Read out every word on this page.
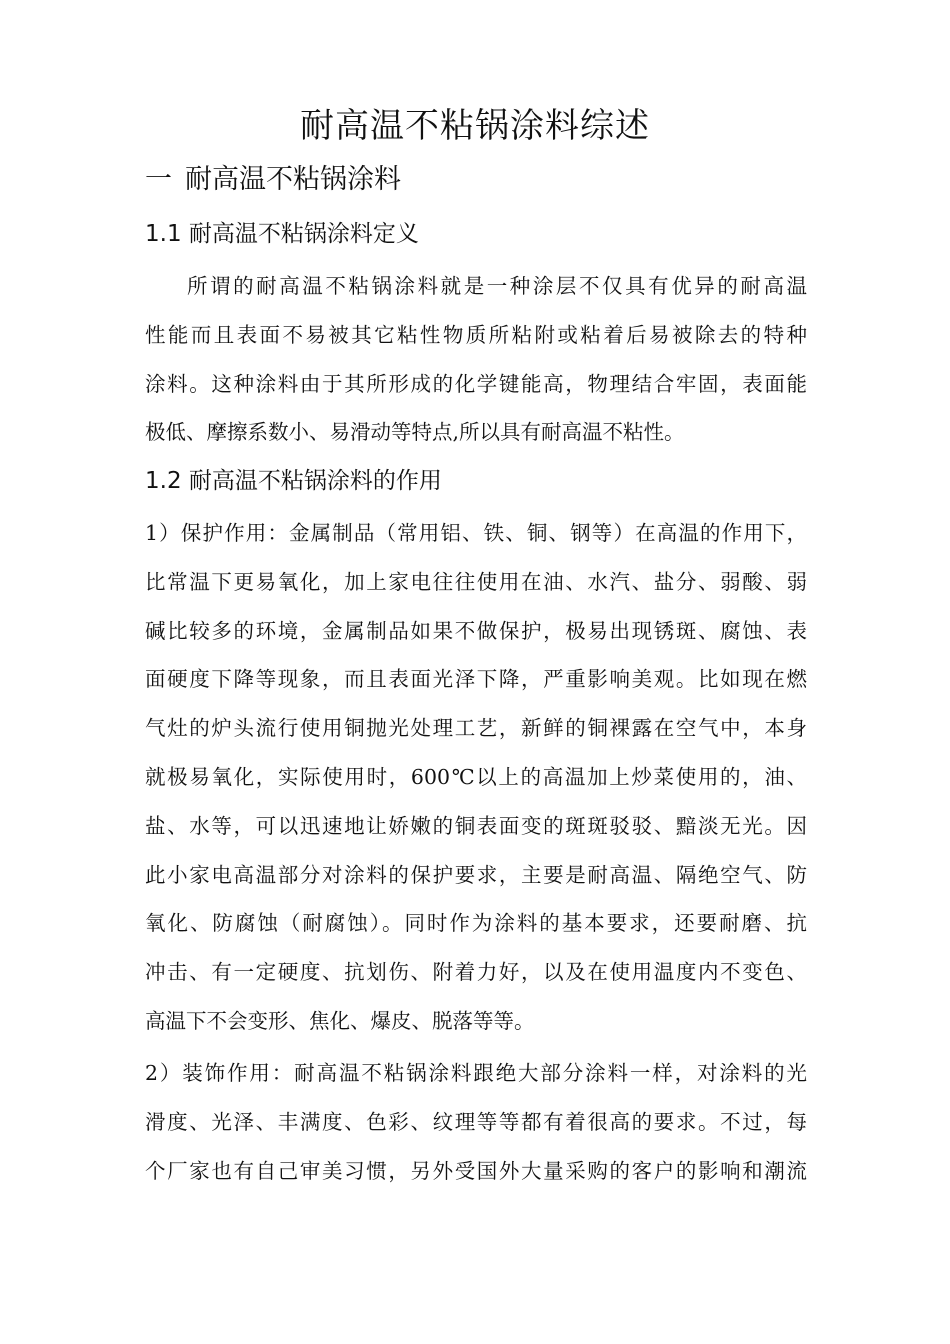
耐高温不粘锅涂料综述
一 耐高温不粘锅涂料
1.1 耐高温不粘锅涂料定义
所谓的耐高温不粘锅涂料就是一种涂层不仅具有优异的耐高温
性能而且表面不易被其它粘性物质所粘附或粘着后易被除去的特种
涂料。这种涂料由于其所形成的化学键能高，物理结合牢固，表面能
极低、摩擦系数小、易滑动等特点,所以具有耐高温不粘性。
1.2 耐高温不粘锅涂料的作用
1）保护作用：金属制品（常用铝、铁、铜、钢等）在高温的作用下，
比常温下更易氧化，加上家电往往使用在油、水汽、盐分、弱酸、弱
碱比较多的环境，金属制品如果不做保护，极易出现锈斑、腐蚀、表
面硬度下降等现象，而且表面光泽下降，严重影响美观。比如现在燃
气灶的炉头流行使用铜抛光处理工艺，新鲜的铜裸露在空气中，本身
就极易氧化，实际使用时，600℃以上的高温加上炒菜使用的，油、
盐、水等，可以迅速地让娇嫩的铜表面变的斑斑驳驳、黯淡无光。因
此小家电高温部分对涂料的保护要求，主要是耐高温、隔绝空气、防
氧化、防腐蚀（耐腐蚀）。同时作为涂料的基本要求，还要耐磨、抗
冲击、有一定硬度、抗划伤、附着力好，以及在使用温度内不变色、
高温下不会变形、焦化、爆皮、脱落等等。
2）装饰作用：耐高温不粘锅涂料跟绝大部分涂料一样，对涂料的光
滑度、光泽、丰满度、色彩、纹理等等都有着很高的要求。不过，每
个厂家也有自己审美习惯，另外受国外大量采购的客户的影响和潮流
